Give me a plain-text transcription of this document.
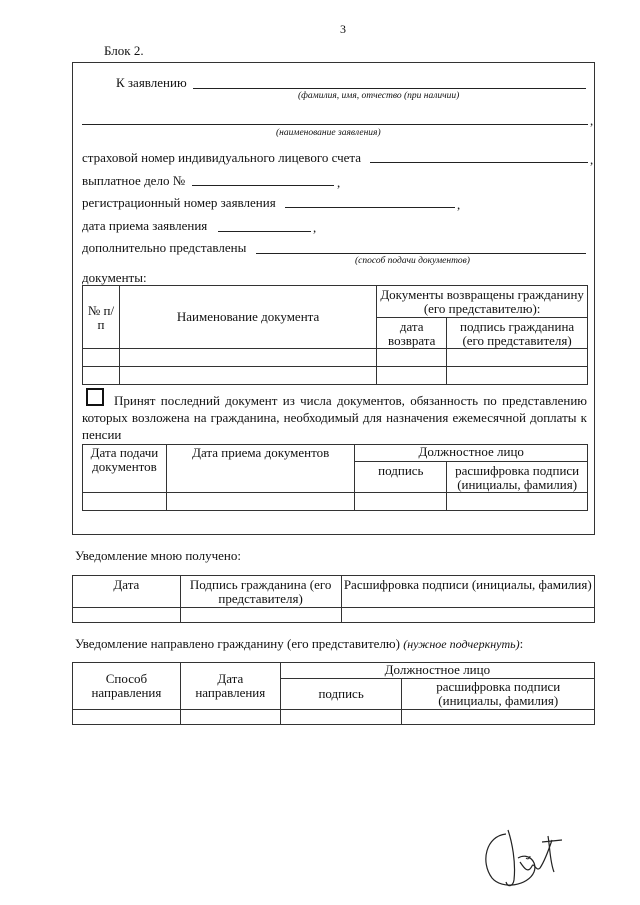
3
Блок 2.
К заявлению
(фамилия, имя, отчество (при наличии)
,
(наименование заявления)
страховой номер индивидуального лицевого счета	,
выплатное дело №	,
регистрационный номер заявления	,
дата приема заявления	,
дополнительно представлены
(способ подачи документов)
документы:
№ п/п	Наименование документа	Документы возвращены гражданину (его представителю):	
		дата возврата	подпись гражданина (его представителя)

Принят последний документ из числа документов, обязанность по представлению которых возложена на гражданина, необходимый для назначения ежемесячной доплаты к пенсии
Дата подачи документов	Дата приема документов	Должностное лицо	
		подпись	расшифровка подписи (инициалы, фамилия)

Уведомление мною получено:
Дата	Подпись гражданина (его представителя)	Расшифровка подписи (инициалы, фамилия)

Уведомление направлено гражданину (его представителю) (нужное подчеркнуть):
Способ направления	Дата направления	Должностное лицо	
		подпись	расшифровка подписи (инициалы, фамилия)
